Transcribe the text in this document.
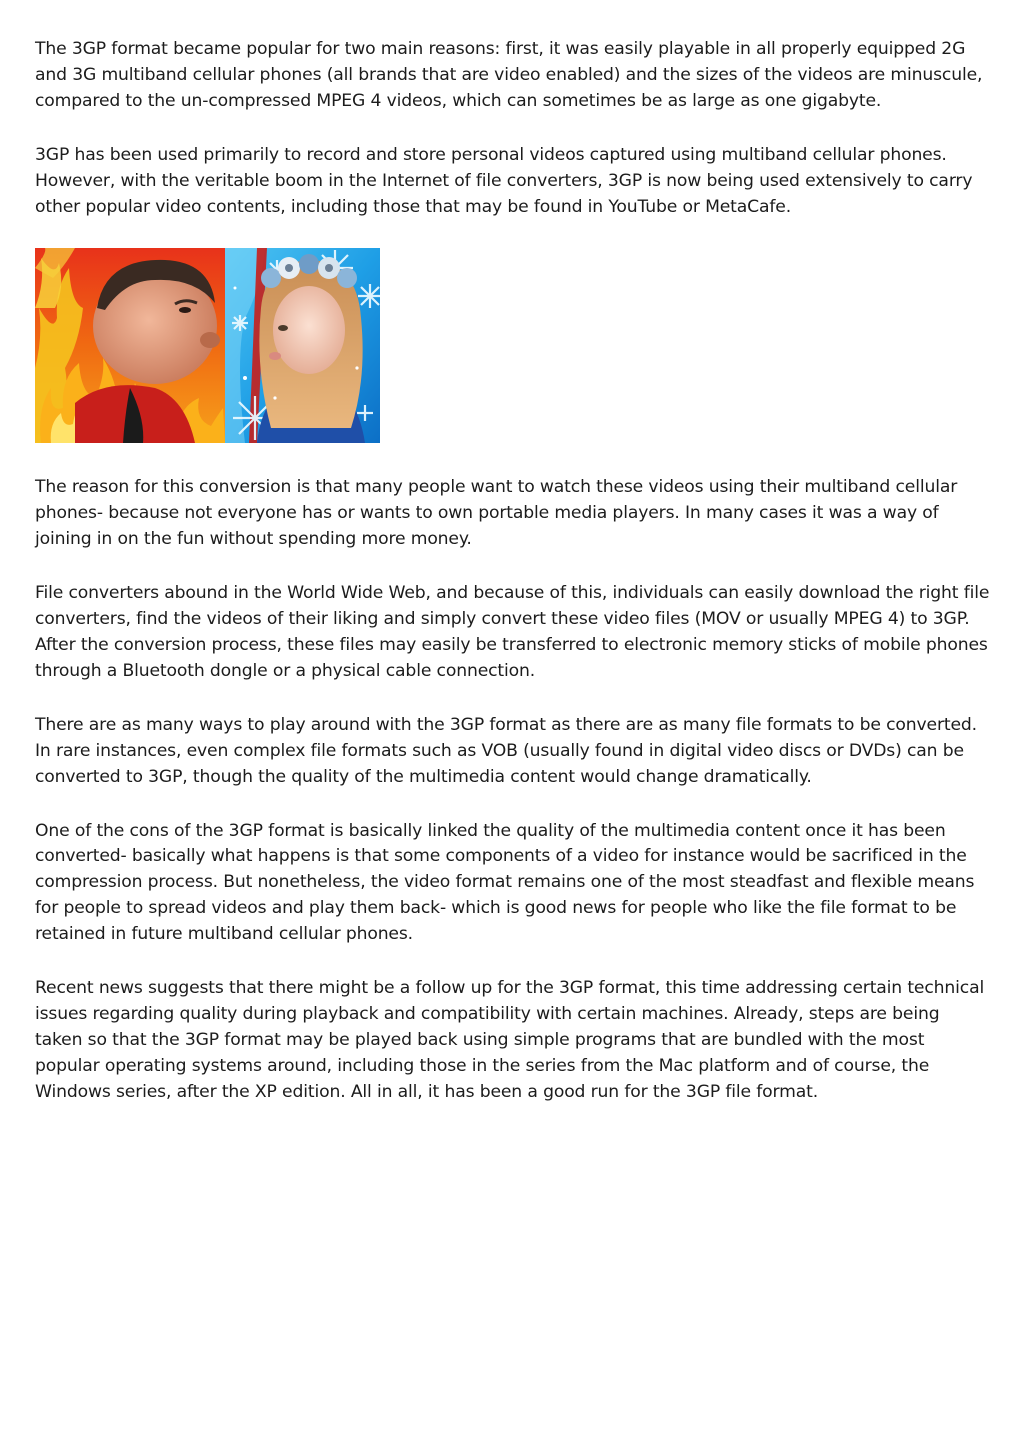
The 3GP format became popular for two main reasons: first, it was easily playable in all properly equipped 2G and 3G multiband cellular phones (all brands that are video enabled) and the sizes of the videos are minuscule, compared to the un-compressed MPEG 4 videos, which can sometimes be as large as one gigabyte.

3GP has been used primarily to record and store personal videos captured using multiband cellular phones. However, with the veritable boom in the Internet of file converters, 3GP is now being used extensively to carry other popular video contents, including those that may be found in YouTube or MetaCafe.

The reason for this conversion is that many people want to watch these videos using their multiband cellular phones- because not everyone has or wants to own portable media players. In many cases it was a way of joining in on the fun without spending more money.

File converters abound in the World Wide Web, and because of this, individuals can easily download the right file converters, find the videos of their liking and simply convert these video files (MOV or usually MPEG 4) to 3GP. After the conversion process, these files may easily be transferred to electronic memory sticks of mobile phones through a Bluetooth dongle or a physical cable connection.

There are as many ways to play around with the 3GP format as there are as many file formats to be converted. In rare instances, even complex file formats such as VOB (usually found in digital video discs or DVDs) can be converted to 3GP, though the quality of the multimedia content would change dramatically.

One of the cons of the 3GP format is basically linked the quality of the multimedia content once it has been converted- basically what happens is that some components of a video for instance would be sacrificed in the compression process. But nonetheless, the video format remains one of the most steadfast and flexible means for people to spread videos and play them back- which is good news for people who like the file format to be retained in future multiband cellular phones.

Recent news suggests that there might be a follow up for the 3GP format, this time addressing certain technical issues regarding quality during playback and compatibility with certain machines. Already, steps are being taken so that the 3GP format may be played back using simple programs that are bundled with the most popular operating systems around, including those in the series from the Mac platform and of course, the Windows series, after the XP edition. All in all, it has been a good run for the 3GP file format.
